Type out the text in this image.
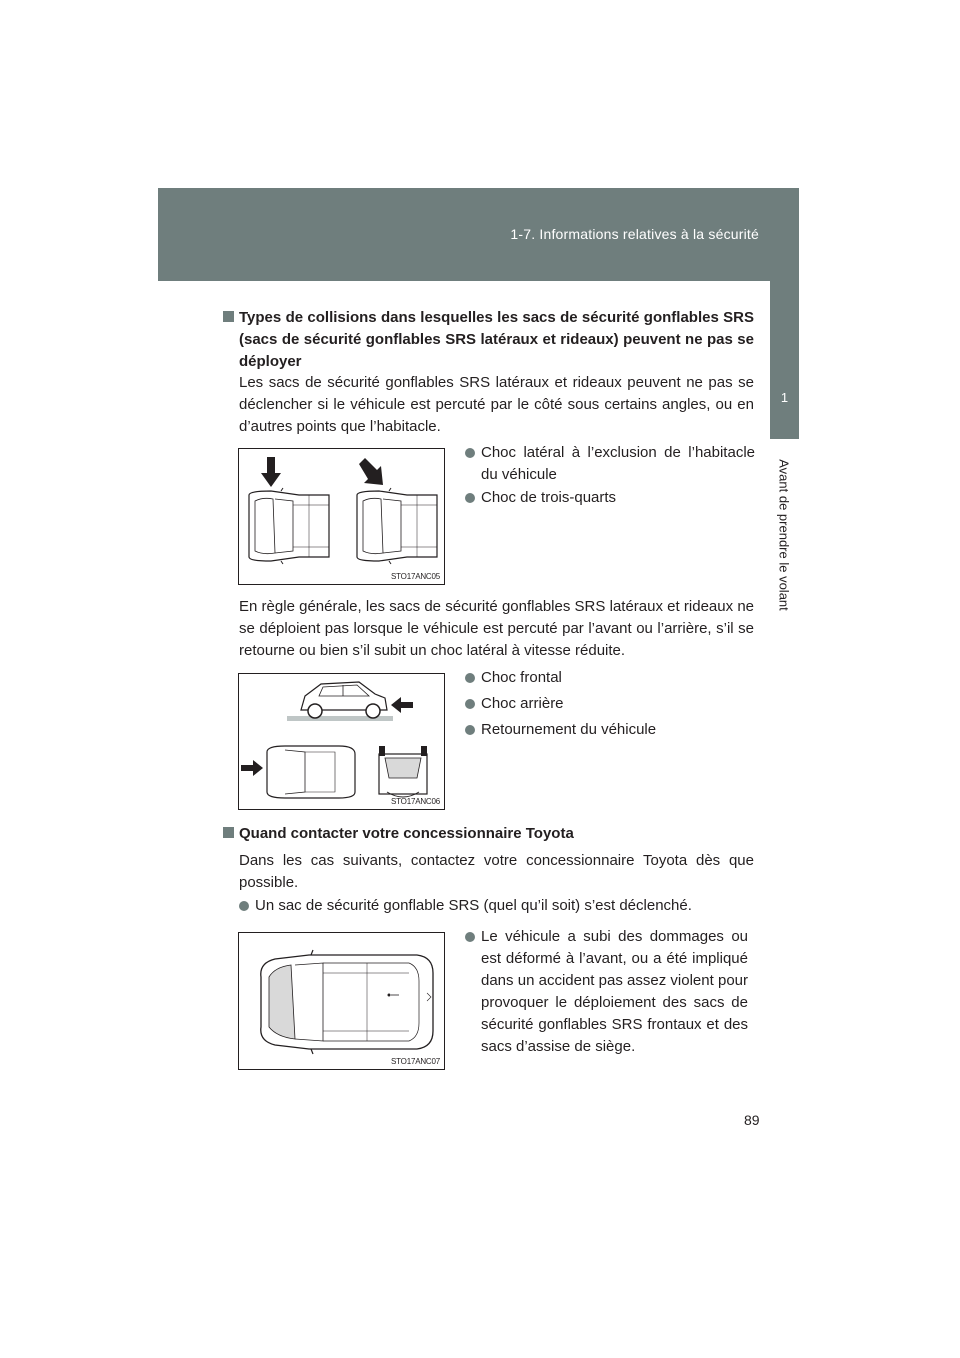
1-7. Informations relatives à la sécurité
1
Avant de prendre le volant
Types de collisions dans lesquelles les sacs de sécurité gonflables SRS (sacs de sécurité gonflables SRS latéraux et rideaux) peuvent ne pas se déployer
Les sacs de sécurité gonflables SRS latéraux et rideaux peuvent ne pas se déclencher si le véhicule est percuté par le côté sous certains angles, ou en d’autres points que l’habitacle.
STO17ANC05
Choc latéral à l’exclusion de l’habitacle du véhicule
Choc de trois-quarts
En règle générale, les sacs de sécurité gonflables SRS latéraux et rideaux ne se déploient pas lorsque le véhicule est percuté par l’avant ou l’arrière, s’il se retourne ou bien s’il subit un choc latéral à vitesse réduite.
STO17ANC06
Choc frontal
Choc arrière
Retournement du véhicule
Quand contacter votre concessionnaire Toyota
Dans les cas suivants, contactez votre concessionnaire Toyota dès que possible.
Un sac de sécurité gonflable SRS (quel qu’il soit) s’est déclenché.
STO17ANC07
Le véhicule a subi des dommages ou est déformé à l’avant, ou a été impliqué dans un accident pas assez violent pour provoquer le déploiement des sacs de sécurité gonflables SRS frontaux et des sacs d’assise de siège.
89
